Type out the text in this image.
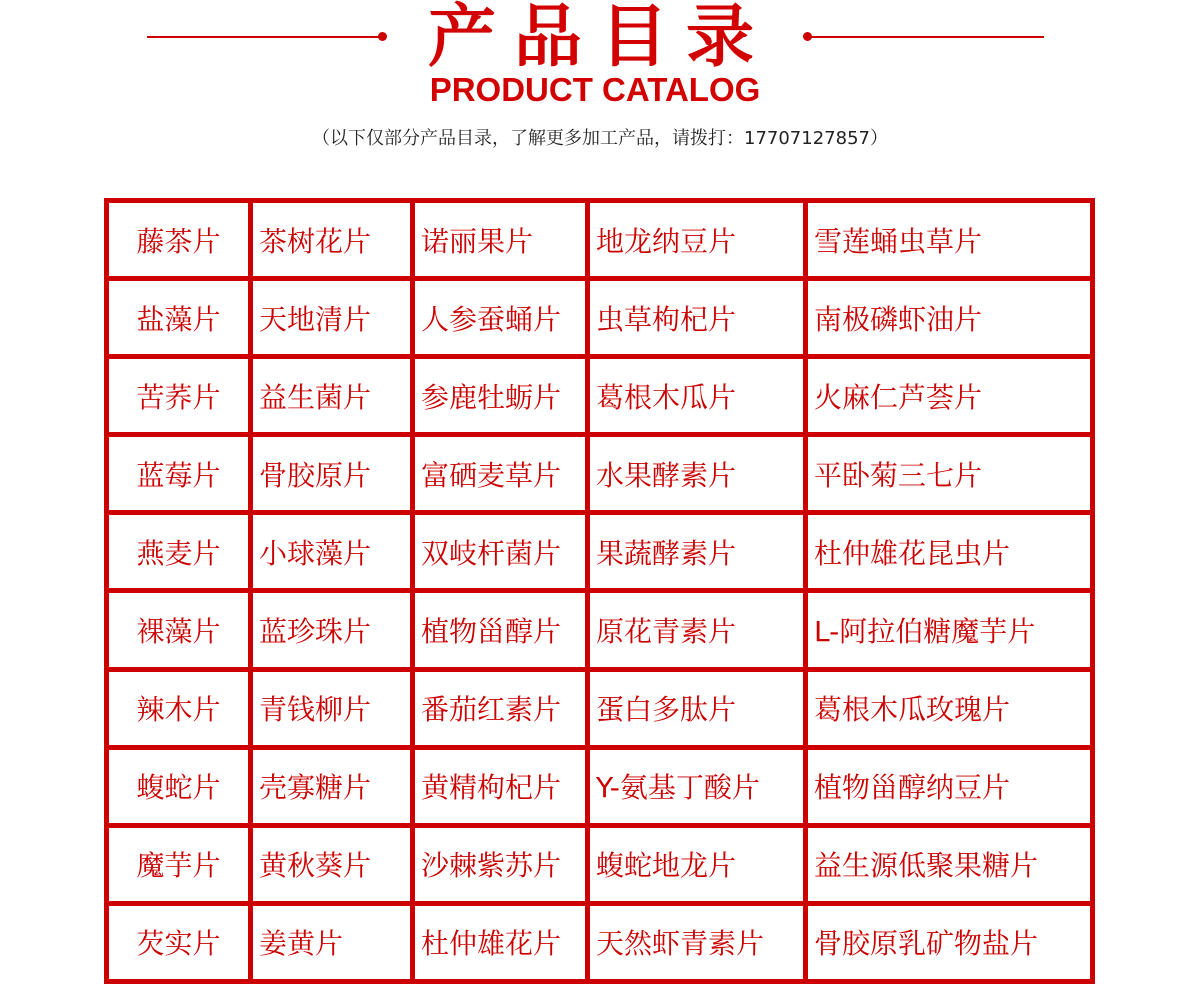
产品目录
PRODUCT CATALOG
（以下仅部分产品目录，了解更多加工产品，请拨打：17707127857）
藤茶片	茶树花片	诺丽果片	地龙纳豆片	雪莲蛹虫草片
盐藻片	天地清片	人参蚕蛹片	虫草枸杞片	南极磷虾油片
苦荞片	益生菌片	参鹿牡蛎片	葛根木瓜片	火麻仁芦荟片
蓝莓片	骨胶原片	富硒麦草片	水果酵素片	平卧菊三七片
燕麦片	小球藻片	双岐杆菌片	果蔬酵素片	杜仲雄花昆虫片
裸藻片	蓝珍珠片	植物甾醇片	原花青素片	L-阿拉伯糖魔芋片
辣木片	青钱柳片	番茄红素片	蛋白多肽片	葛根木瓜玫瑰片
蝮蛇片	壳寡糖片	黄精枸杞片	Y-氨基丁酸片	植物甾醇纳豆片
魔芋片	黄秋葵片	沙棘紫苏片	蝮蛇地龙片	益生源低聚果糖片
芡实片	姜黄片	杜仲雄花片	天然虾青素片	骨胶原乳矿物盐片
